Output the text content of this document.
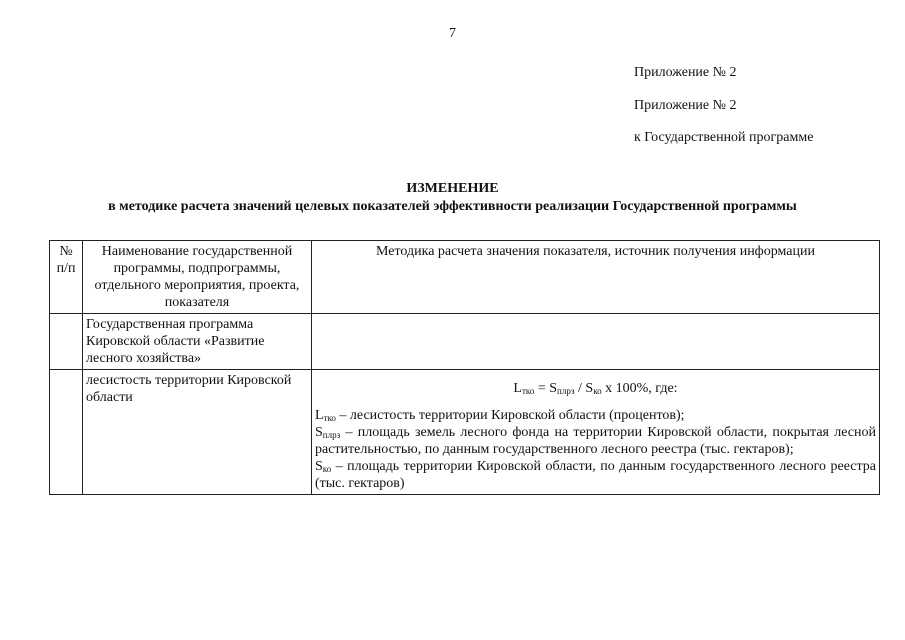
7
Приложение № 2
Приложение № 2
к Государственной программе
ИЗМЕНЕНИЕ
в методике расчета значений целевых показателей эффективности реализации Государственной программы
№ п/п	Наименование государственной программы, подпрограммы, отдельного мероприятия, проекта, показателя	Методика расчета значения показателя, источник получения информации
	Государственная программа Кировской области «Развитие лесного хозяйства»	
	лесистость территории Кировской области	$L_{тко} = S_{плрз} / S_{ко}$ х 100%, где:
$L_{тко}$ – лесистость территории Кировской области (процентов);
$S_{плрз}$ – площадь земель лесного фонда на территории Кировской области, покрытая лесной растительностью, по данным государственного лесного реестра (тыс. гектаров);
$S_{ко}$ – площадь территории Кировской области, по данным государственного лесного реестра (тыс. гектаров)
